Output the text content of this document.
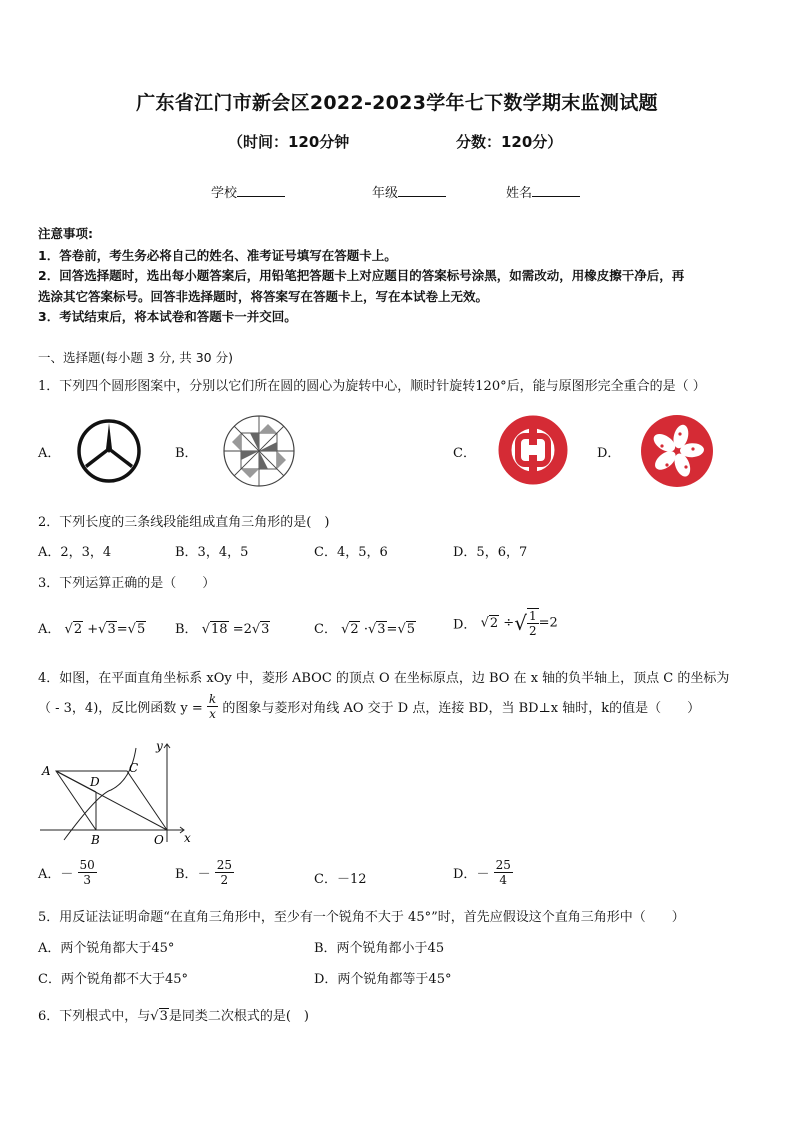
广东省江门市新会区2022-2023学年七下数学期末监测试题
（时间：120分钟	分数：120分）
学校	年级	姓名
注意事项:
1．答卷前，考生务必将自己的姓名、准考证号填写在答题卡上。
2．回答选择题时，选出每小题答案后，用铅笔把答题卡上对应题目的答案标号涂黑，如需改动，用橡皮擦干净后，再
选涂其它答案标号。回答非选择题时，将答案写在答题卡上，写在本试卷上无效。
3．考试结束后，将本试卷和答题卡一并交回。
一、选择题(每小题 3 分, 共 30 分)
1．下列四个圆形图案中，分别以它们所在圆的圆心为旋转中心，顺时针旋转120°后，能与原图形完全重合的是（ ）
A．	B．	C．	D．
2．下列长度的三条线段能组成直角三角形的是(　)
A．2，3，4	B．3，4，5	C．4，5，6	D．5，6，7
3．下列运算正确的是（　　）
A． √2 +√3=√5 B． √18 =2√3	C． √2 ·√3=√5	D． √2 ÷√ $\frac{1}{2} =2$
4．如图，在平面直角坐标系 xOy 中，菱形 ABOC 的顶点 O 在坐标原点，边 BO 在 x 轴的负半轴上，顶点 C 的坐标为
（ - 3，4)，反比例函数 $y = \frac{k}{x}$ 的图象与菱形对角线 AO 交于 D 点，连接 BD，当 BD⊥x 轴时，k的值是（　　）
A
B
C
D
O x
y
A．－ $\frac{50}{3}$	B．－ $\frac{25}{2}$	C．－12	D．－ $\frac{25}{4}$
5．用反证法证明命题“在直角三角形中，至少有一个锐角不大于 45°”时，首先应假设这个直角三角形中（　　）
A．两个锐角都大于45°	B．两个锐角都小于45
C．两个锐角都不大于45°	D．两个锐角都等于45°
6．下列根式中，与√3是同类二次根式的是(　)
